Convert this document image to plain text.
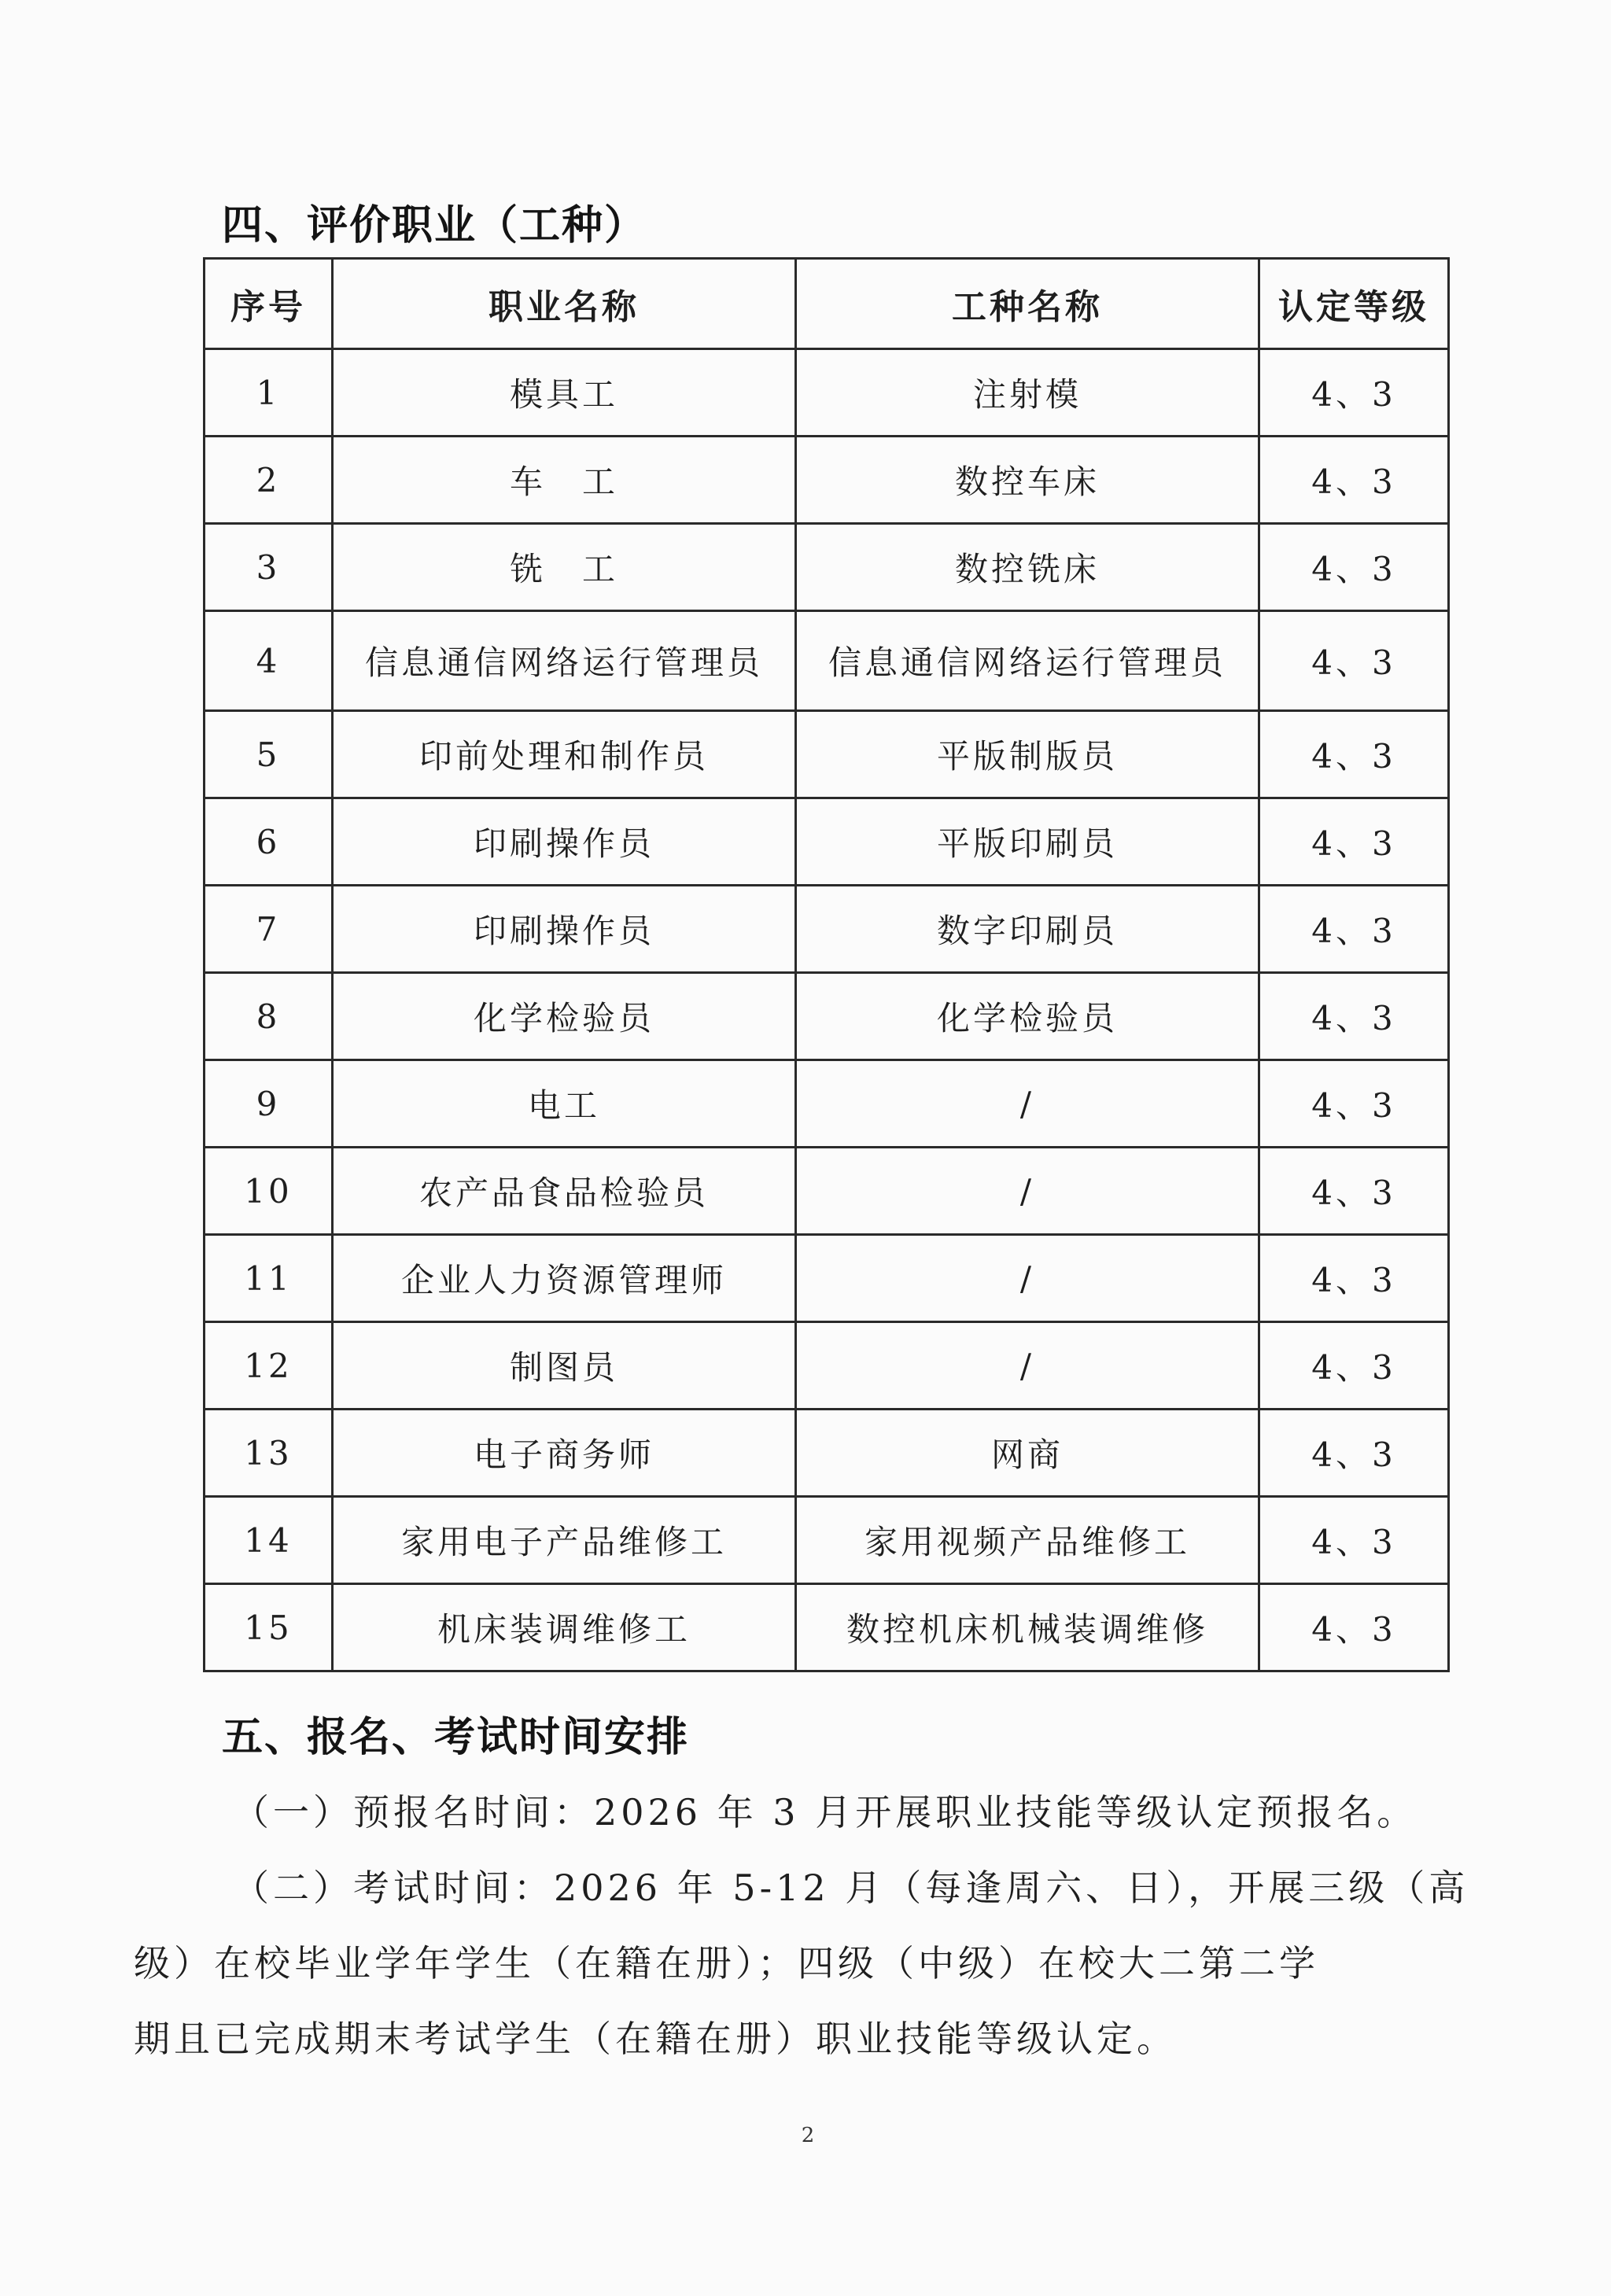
四、评价职业（工种）
序号	职业名称	工种名称	认定等级
1	模具工	注射模	4、3
2	车　工	数控车床	4、3
3	铣　工	数控铣床	4、3
4	信息通信网络运行管理员	信息通信网络运行管理员	4、3
5	印前处理和制作员	平版制版员	4、3
6	印刷操作员	平版印刷员	4、3
7	印刷操作员	数字印刷员	4、3
8	化学检验员	化学检验员	4、3
9	电工	/	4、3
10	农产品食品检验员	/	4、3
11	企业人力资源管理师	/	4、3
12	制图员	/	4、3
13	电子商务师	网商	4、3
14	家用电子产品维修工	家用视频产品维修工	4、3
15	机床装调维修工	数控机床机械装调维修	4、3
五、报名、考试时间安排
（一）预报名时间：2026 年 3 月开展职业技能等级认定预报名。
（二）考试时间：2026 年 5-12 月（每逢周六、日），开展三级（高
级）在校毕业学年学生（在籍在册）；四级（中级）在校大二第二学
期且已完成期末考试学生（在籍在册）职业技能等级认定。
2
